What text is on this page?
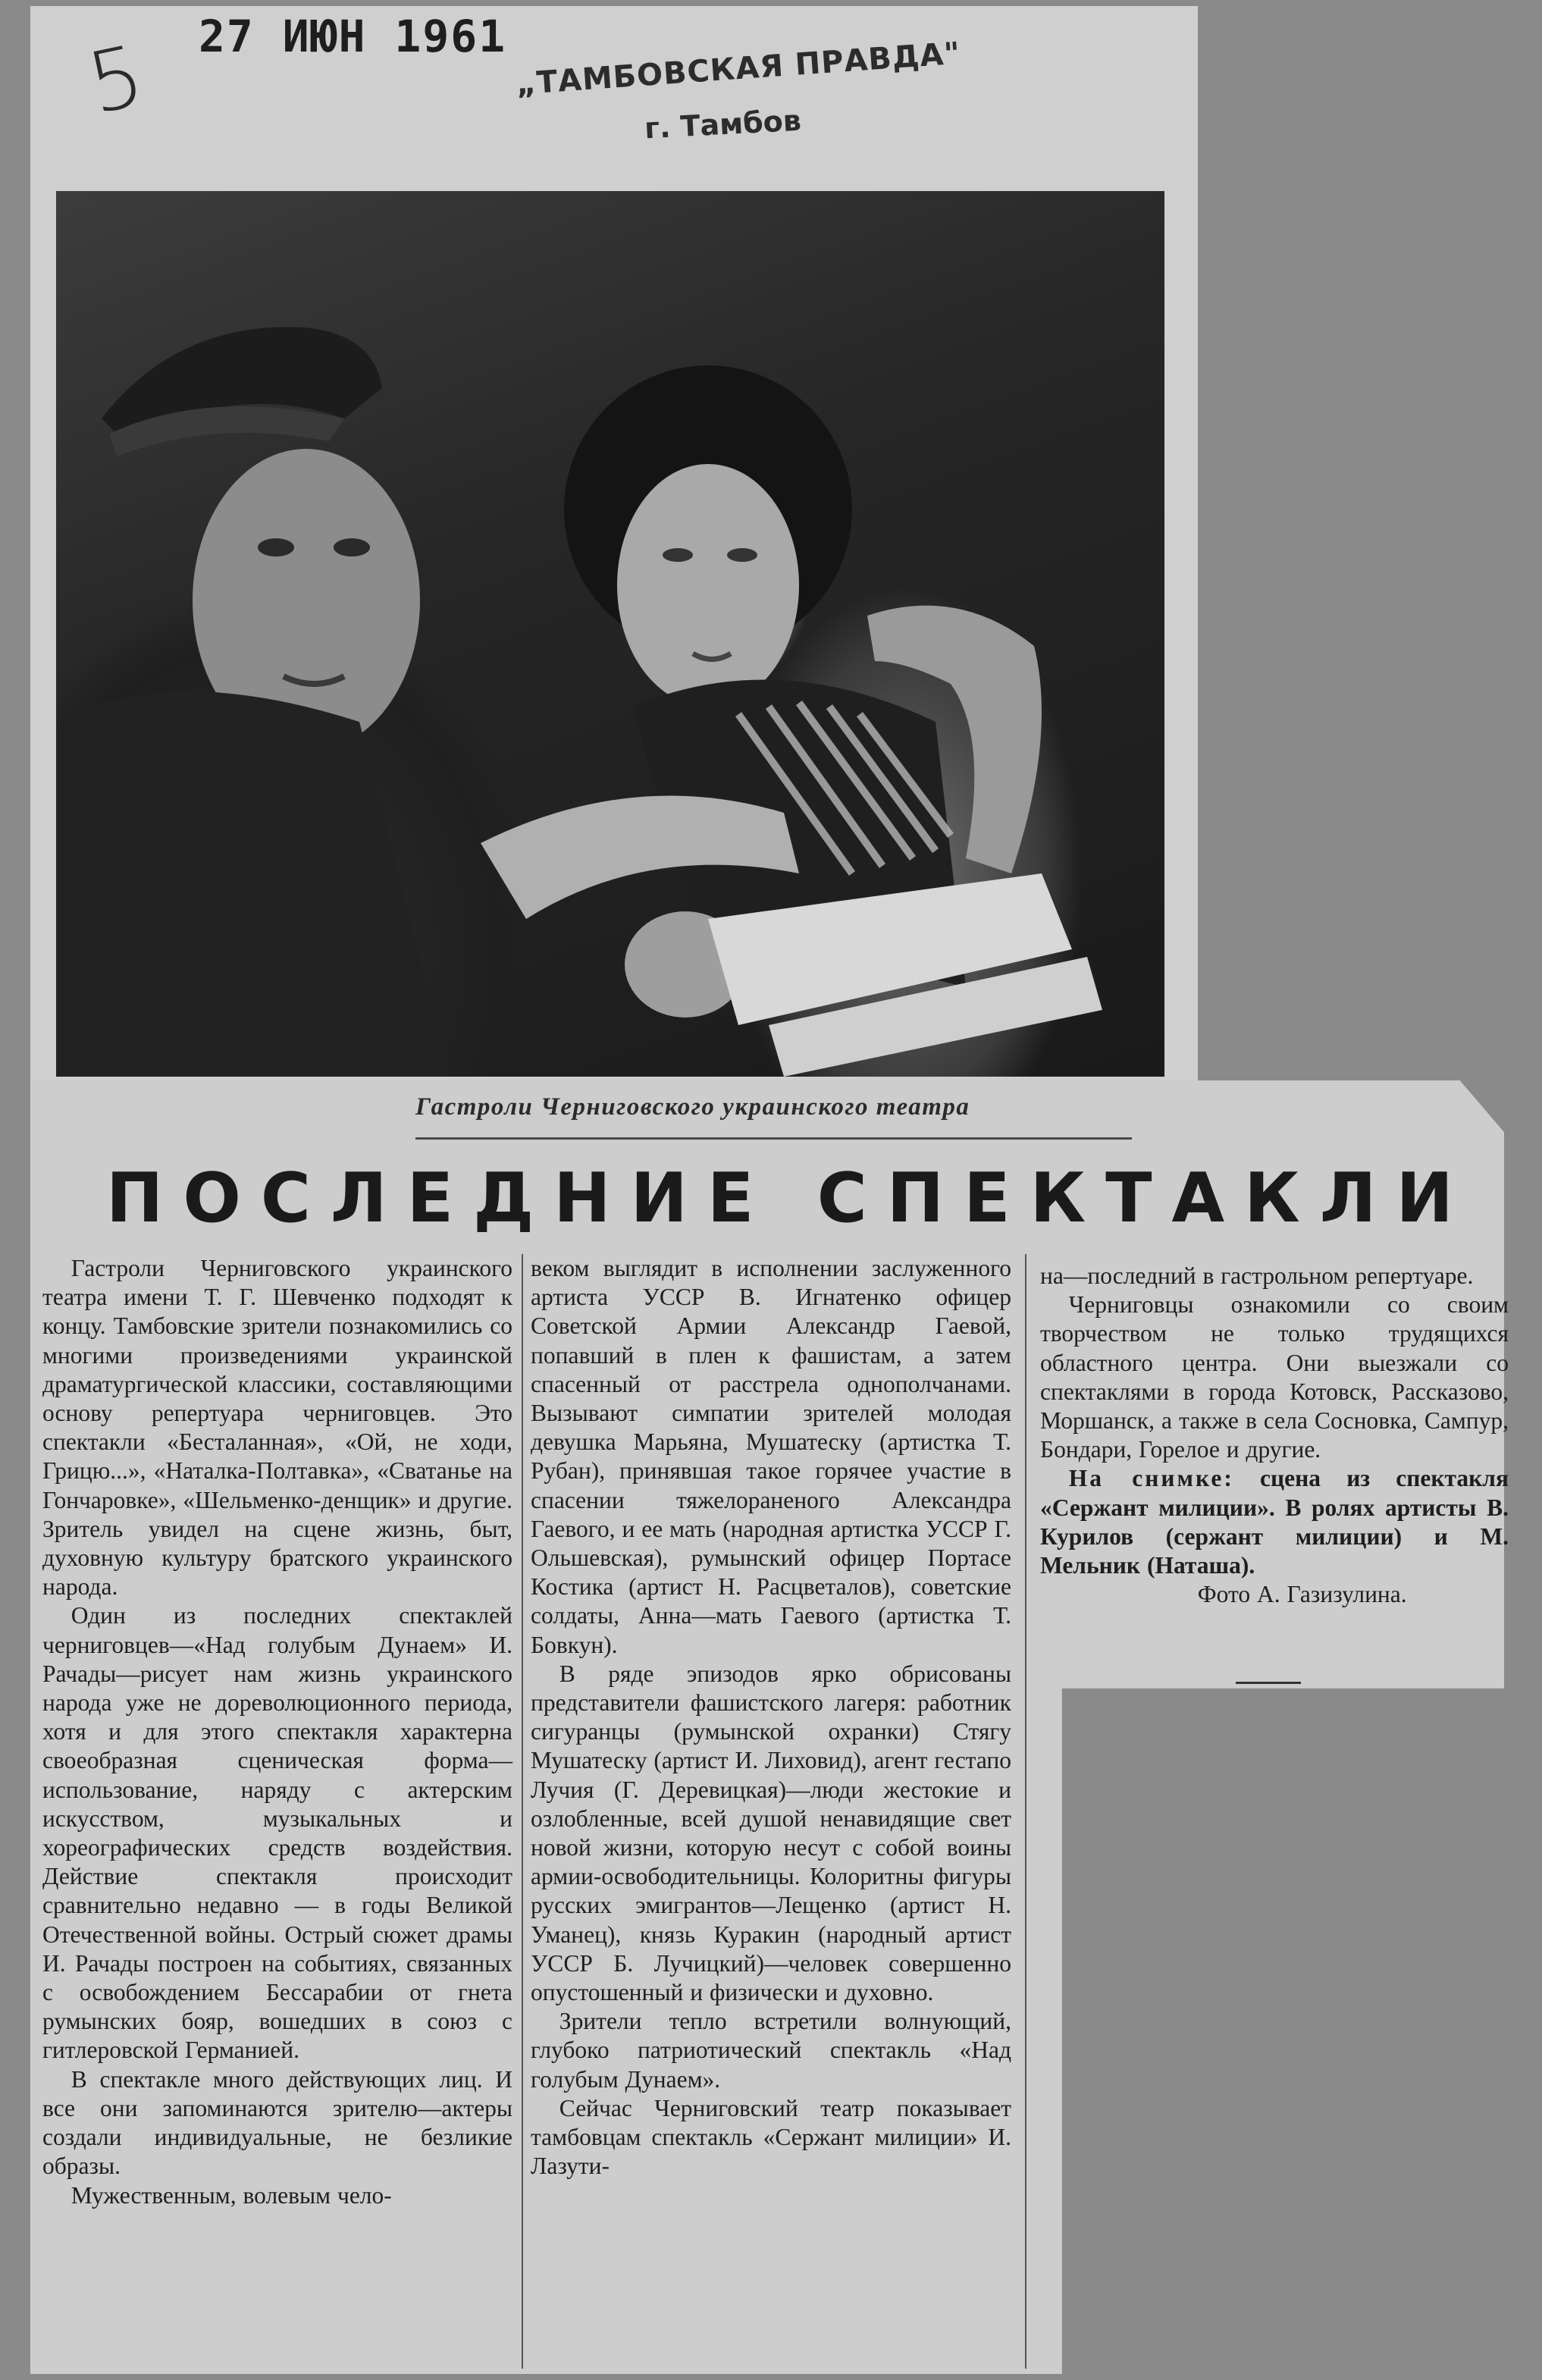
5 27 ИЮН 1961 „ТАМБОВСКАЯ ПРАВДА"
г. Тамбов
Гастроли Черниговского украинского театра
ПОСЛЕДНИЕ СПЕКТАКЛИ

Гастроли Черниговского украинского театра имени Т. Г. Шевченко подходят к концу. Тамбовские зрители познакомились со многими произведениями украинской драматургической классики, составляющими основу репертуара черниговцев. Это спектакли «Бесталанная», «Ой, не ходи, Грицю...», «Наталка-Полтавка», «Сватанье на Гончаровке», «Шельменко-денщик» и другие. Зритель увидел на сцене жизнь, быт, духовную культуру братского украинского народа.

Один из последних спектаклей черниговцев—«Над голубым Дунаем» И. Рачады—рисует нам жизнь украинского народа уже не дореволюционного периода, хотя и для этого спектакля характерна своеобразная сценическая форма—использование, наряду с актерским искусством, музыкальных и хореографических средств воздействия. Действие спектакля происходит сравнительно недавно — в годы Великой Отечественной войны. Острый сюжет драмы И. Рачады построен на событиях, связанных с освобождением Бессарабии от гнета румынских бояр, вошедших в союз с гитлеровской Германией.

В спектакле много действующих лиц. И все они запоминаются зрителю—актеры создали индивидуальные, не безликие образы.

Мужественным, волевым чело-

веком выглядит в исполнении заслуженного артиста УССР В. Игнатенко офицер Советской Армии Александр Гаевой, попавший в плен к фашистам, а затем спасенный от расстрела однополчанами. Вызывают симпатии зрителей молодая девушка Марьяна, Мушатеску (артистка Т. Рубан), принявшая такое горячее участие в спасении тяжелораненого Александра Гаевого, и ее мать (народная артистка УССР Г. Ольшевская), румынский офицер Портасе Костика (артист Н. Расцветалов), советские солдаты, Анна—мать Гаевого (артистка Т. Бовкун).

В ряде эпизодов ярко обрисованы представители фашистского лагеря: работник сигуранцы (румынской охранки) Стягу Мушатеску (артист И. Лиховид), агент гестапо Лучия (Г. Деревицкая)—люди жестокие и озлобленные, всей душой ненавидящие свет новой жизни, которую несут с собой воины армии-освободительницы. Колоритны фигуры русских эмигрантов—Лещенко (артист Н. Уманец), князь Куракин (народный артист УССР Б. Лучицкий)—человек совершенно опустошенный и физически и духовно.

Зрители тепло встретили волнующий, глубоко патриотический спектакль «Над голубым Дунаем».

Сейчас Черниговский театр показывает тамбовцам спектакль «Сержант милиции» И. Лазути-

на—последний в гастрольном репертуаре.

Черниговцы ознакомили со своим творчеством не только трудящихся областного центра. Они выезжали со спектаклями в города Котовск, Рассказово, Моршанск, а также в села Сосновка, Сампур, Бондари, Горелое и другие.

На снимке: сцена из спектакля «Сержант милиции». В ролях артисты В. Курилов (сержант милиции) и М. Мельник (Наташа).

Фото А. Газизулина.
